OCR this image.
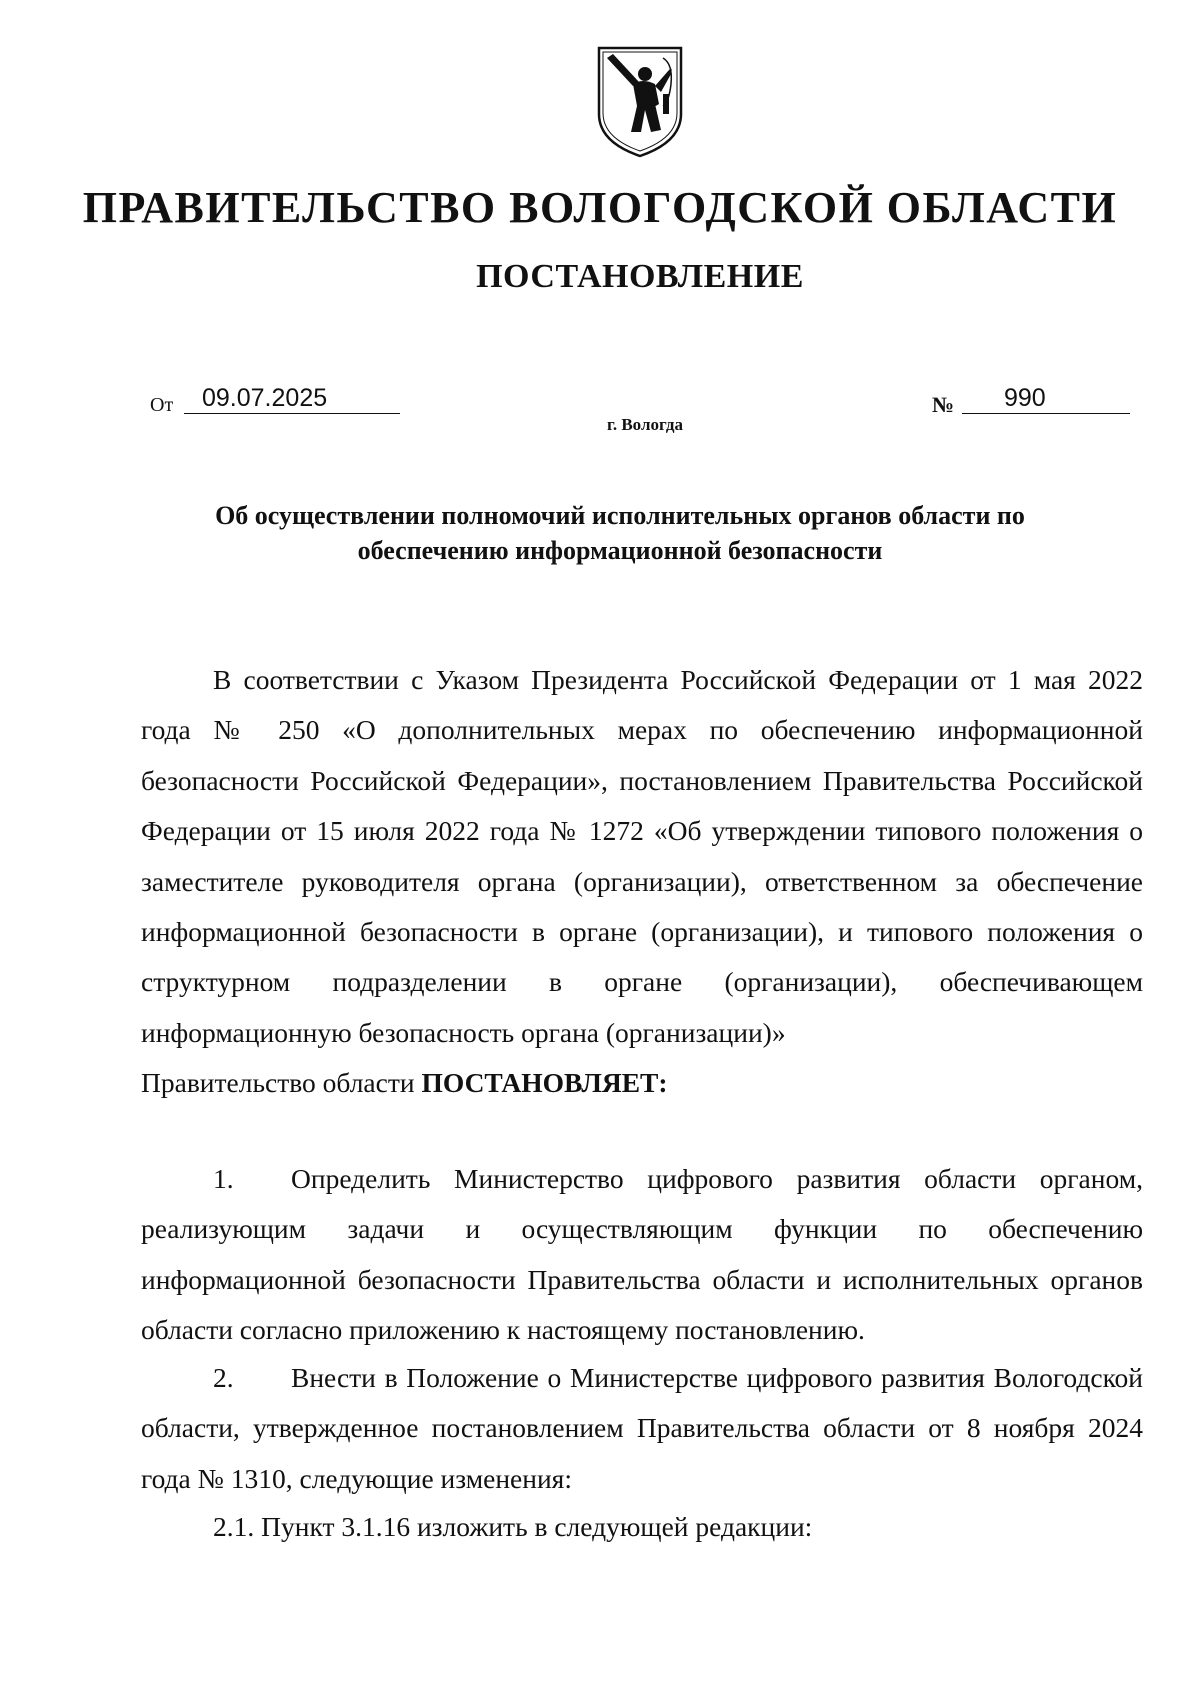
ПРАВИТЕЛЬСТВО ВОЛОГОДСКОЙ ОБЛАСТИ
ПОСТАНОВЛЕНИЕ
От	09.07.2025	№	990
г. Вологда
Об осуществлении полномочий исполнительных органов области по обеспечению информационной безопасности
В соответствии с Указом Президента Российской Федерации от 1 мая 2022 года № 250 «О дополнительных мерах по обеспечению информационной безопасности Российской Федерации», постановлением Правительства Российской Федерации от 15 июля 2022 года № 1272 «Об утверждении типового положения о заместителе руководителя органа (организации), ответственном за обеспечение информационной безопасности в органе (организации), и типового положения о структурном подразделении в органе (организации), обеспечивающем информационную безопасность органа (организации)»
Правительство области ПОСТАНОВЛЯЕТ:
1. Определить Министерство цифрового развития области органом, реализующим задачи и осуществляющим функции по обеспечению информационной безопасности Правительства области и исполнительных органов области согласно приложению к настоящему постановлению.
2. Внести в Положение о Министерстве цифрового развития Вологодской области, утвержденное постановлением Правительства области от 8 ноября 2024 года № 1310, следующие изменения:
2.1. Пункт 3.1.16 изложить в следующей редакции:
